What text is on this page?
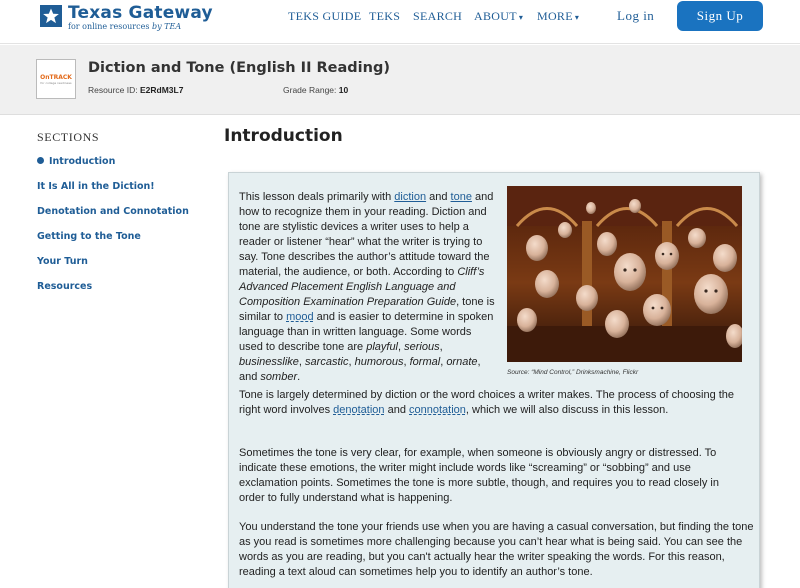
Texas Gateway
for online resources by TEA
TEKS GUIDE TEKS SEARCH ABOUT ▾ MORE ▾	Log in	Sign Up
OnTRACK
for college readiness
Diction and Tone (English II Reading)
Resource ID: E2RdM3L7	Grade Range: 10
SECTIONS
Introduction
It Is All in the Diction!
Denotation and Connotation
Getting to the Tone
Your Turn
Resources
Introduction
This lesson deals primarily with diction and tone and how to recognize them in your reading. Diction and tone are stylistic devices a writer uses to help a reader or listener “hear” what the writer is trying to say. Tone describes the author’s attitude toward the material, the audience, or both. According to Cliff’s Advanced Placement English Language and Composition Examination Preparation Guide, tone is similar to mood and is easier to determine in spoken language than in written language. Some words used to describe tone are playful, serious, businesslike, sarcastic, humorous, formal, ornate, and somber.	Source: “Mind Control,” Drinksmachine, Flickr
Tone is largely determined by diction or the word choices a writer makes. The process of choosing the right word involves denotation and connotation, which we will also discuss in this lesson.
Sometimes the tone is very clear, for example, when someone is obviously angry or distressed. To indicate these emotions, the writer might include words like “screaming” or “sobbing” and use exclamation points. Sometimes the tone is more subtle, though, and requires you to read closely in order to fully understand what is happening.
You understand the tone your friends use when you are having a casual conversation, but finding the tone as you read is sometimes more challenging because you can’t hear what is being said. You can see the words as you are reading, but you can't actually hear the writer speaking the words. For this reason, reading a text aloud can sometimes help you to identify an author’s tone.
